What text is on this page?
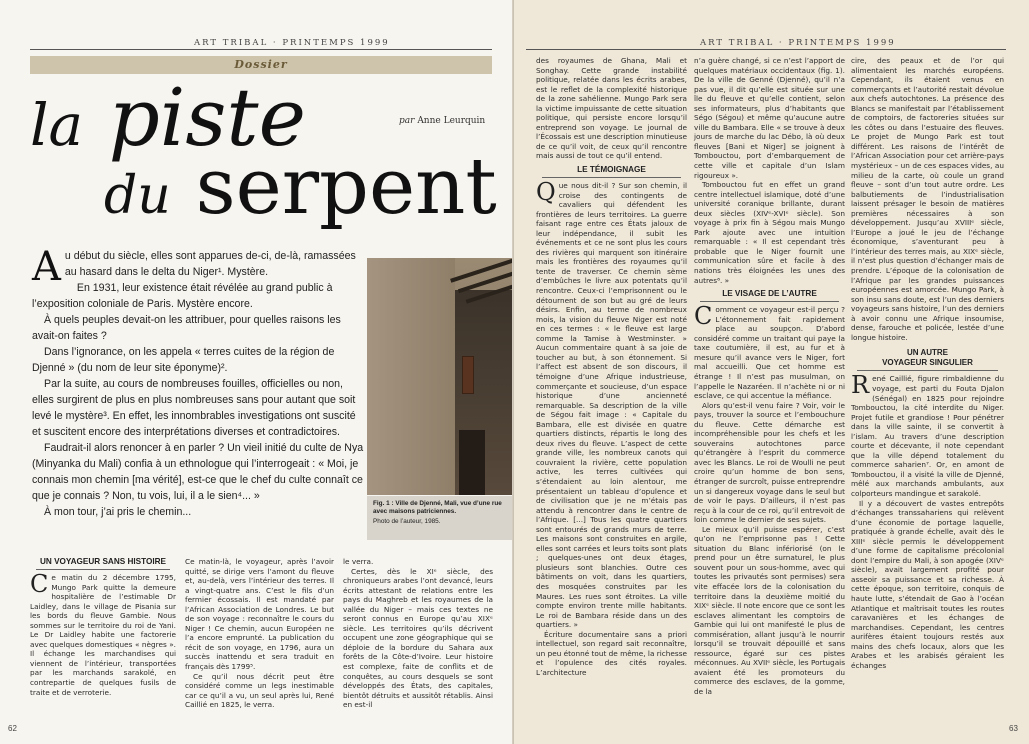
ART TRIBAL · PRINTEMPS 1999
Dossier
la piste
du serpent
par Anne Leurquin

Au début du siècle, elles sont apparues de-ci, de-là, ramassées au hasard dans le delta du Niger¹. Mystère.

En 1931, leur existence était révélée au grand public à l’exposition coloniale de Paris. Mystère encore.

À quels peuples devait-on les attribuer, pour quelles raisons les avait-on faites ?

Dans l’ignorance, on les appela « terres cuites de la région de Djenné » (du nom de leur site éponyme)².

Par la suite, au cours de nombreuses fouilles, officielles ou non, elles surgirent de plus en plus nombreuses sans pour autant que soit levé le mystère³. En effet, les innombrables investigations ont suscité et suscitent encore des interprétations diverses et contradictoires.

Faudrait-il alors renoncer à en parler ? Un vieil initié du culte de Nya (Minyanka du Mali) confia à un ethnologue qui l’interrogeait : « Moi, je connais mon chemin [ma vérité], est-ce que le chef du culte connaît ce que je connais ? Non, tu vois, lui, il a le sien⁴... »

À mon tour, j’ai pris le chemin...

Fig. 1 : Ville de Djenné, Mali, vue d’une rue avec maisons patriciennes.
Photo de l’auteur, 1985.
UN VOYAGEUR SANS HISTOIRE

Ce matin du 2 décembre 1795, Mungo Park quitte la demeure hospitalière de l’estimable Dr Laidley, dans le village de Pisania sur les bords du fleuve Gambie. Nous sommes sur le territoire du roi de Yani. Le Dr Laidley habite une factorerie avec quelques domestiques « nègres ». Il échange les marchandises qui viennent de l’intérieur, transportées par les marchands sarakolé, en contrepartie de quelques fusils de traite et de verroterie.

Ce matin-là, le voyageur, après l’avoir quitté, se dirige vers l’amont du fleuve et, au-delà, vers l’intérieur des terres. Il a vingt-quatre ans. C’est le fils d’un fermier écossais. Il est mandaté par l’African Association de Londres. Le but de son voyage : reconnaître le cours du Niger ! Ce chemin, aucun Européen ne l’a encore emprunté. La publication du récit de son voyage, en 1796, aura un succès inattendu et sera traduit en français dès 1799⁵.

Ce qu’il nous décrit peut être considéré comme un legs inestimable car ce qu’il a vu, un seul après lui, René Caillié en 1825, le verra.

le verra.

Certes, dès le XIᵉ siècle, des chroniqueurs arabes l’ont devancé, leurs écrits attestant de relations entre les pays du Maghreb et les royaumes de la vallée du Niger – mais ces textes ne seront connus en Europe qu’au XIXᵉ siècle. Les territoires qu’ils décrivent occupent une zone géographique qui se déploie de la bordure du Sahara aux forêts de la Côte-d’Ivoire. Leur histoire est complexe, faite de conflits et de conquêtes, au cours desquels se sont développés des États, des capitales, bientôt détruits et aussitôt rétablis. Ainsi en est-il

62
ART TRIBAL · PRINTEMPS 1999

des royaumes de Ghana, Mali et Songhay. Cette grande instabilité politique, relatée dans les écrits arabes, est le reflet de la complexité historique de la zone sahélienne. Mungo Park sera la victime impuissante de cette situation politique, qui persiste encore lorsqu’il entreprend son voyage. Le journal de l’Écossais est une description minutieuse de ce qu’il voit, de ceux qu’il rencontre mais aussi de tout ce qu’il entend.

LE TÉMOIGNAGE

Que nous dit-il ? Sur son chemin, il croise des contingents de cavaliers qui défendent les frontières de leurs territoires. La guerre faisant rage entre ces États jaloux de leur indépendance, il subit les événements et ce ne sont plus les cours des rivières qui marquent son itinéraire mais les frontières des royaumes qu’il tente de traverser. Ce chemin sème d’embûches le livre aux potentats qu’il rencontre. Ceux-ci l’emprisonnent ou le détournent de son but au gré de leurs désirs. Enfin, au terme de nombreux mois, la vision du fleuve Niger est noté en ces termes : « le fleuve est large comme la Tamise à Westminster. » Aucun commentaire quant à sa joie de toucher au but, à son étonnement. Si l’affect est absent de son discours, il témoigne d’une Afrique industrieuse, commerçante et soucieuse, d’un espace historique d’une ancienneté remarquable. Sa description de la ville de Ségou fait image : « Capitale du Bambara, elle est divisée en quatre quartiers distincts, répartis le long des deux rives du fleuve. L’aspect de cette grande ville, les nombreux canots qui couvraient la rivière, cette population active, les terres cultivées qui s’étendaient au loin alentour, me présentaient un tableau d’opulence et de civilisation que je ne m’étais pas attendu à rencontrer dans le centre de l’Afrique. [...] Tous les quatre quartiers sont entourés de grands murs de terre. Les maisons sont construites en argile, elles sont carrées et leurs toits sont plats ; quelques-unes ont deux étages, plusieurs sont blanchies. Outre ces bâtiments on voit, dans les quartiers, des mosquées construites par les Maures. Les rues sont étroites. La ville compte environ trente mille habitants. Le roi de Bambara réside dans un des quartiers. »

Écriture documentaire sans a priori intellectuel, son regard sait reconnaître, un peu étonné tout de même, la richesse et l’opulence des cités royales. L’architecture

n’a guère changé, si ce n’est l’apport de quelques matériaux occidentaux (fig. 1). De la ville de Genné (Djenné), qu’il n’a pas vue, il dit qu’elle est située sur une île du fleuve et qu’elle contient, selon ses informateurs, plus d’habitants que Ségo (Ségou) et même qu’aucune autre ville du Bambara. Elle « se trouve à deux jours de marche du lac Débo, là où deux fleuves [Bani et Niger] se joignent à Tombouctou, port d’embarquement de cette ville et capitale d’un Islam rigoureux ».

Tombouctou fut en effet un grand centre intellectuel islamique, doté d’une université coranique brillante, durant deux siècles (XIVᵉ-XVIᵉ siècle). Son voyage à prix fin à Ségou mais Mungo Park ajoute avec une intuition remarquable : « Il est cependant très probable que le Niger fournit une communication sûre et facile à des nations très éloignées les unes des autres⁶. »

LE VISAGE DE L’AUTRE

Comment ce voyageur est-il perçu ? L’étonnement fait rapidement place au soupçon. D’abord considéré comme un traitant qui paye la taxe coutumière, il est, au fur et à mesure qu’il avance vers le Niger, fort mal accueilli. Que cet homme est étrange ! Il n’est pas musulman, on l’appelle le Nazaréen. Il n’achète ni or ni esclave, ce qui accentue la méfiance.

Alors qu’est-il venu faire ? Voir, voir le pays, trouver la source et l’embouchure du fleuve. Cette démarche est incompréhensible pour les chefs et les souverains autochtones parce qu’étrangère à l’esprit du commerce avec les Blancs. Le roi de Woulli ne peut croire qu’un homme de bon sens, étranger de surcroît, puisse entreprendre un si dangereux voyage dans le seul but de voir le pays. D’ailleurs, il n’est pas reçu à la cour de ce roi, qu’il entrevoit de loin comme le dernier de ses sujets.

Le mieux qu’il puisse espérer, c’est qu’on ne l’emprisonne pas ! Cette situation du Blanc infériorisé (on le prend pour un être surnaturel, le plus souvent pour un sous-homme, avec qui toutes les privautés sont permises) sera vite effacée lors de la colonisation du territoire dans la deuxième moitié du XIXᵉ siècle. Il note encore que ce sont les esclaves alimentant les comptoirs de Gambie qui lui ont manifesté le plus de commisération, allant jusqu’à le nourrir lorsqu’il se trouvait dépouillé et sans ressource, égaré sur ces pistes méconnues. Au XVIIᵉ siècle, les Portugais avaient été les promoteurs du commerce des esclaves, de la gomme, de la

cire, des peaux et de l’or qui alimentaient les marchés européens. Cependant, ils étaient venus en commerçants et l’autorité restait dévolue aux chefs autochtones. La présence des Blancs se manifestait par l’établissement de comptoirs, de factoreries situées sur les côtes ou dans l’estuaire des fleuves. Le projet de Mungo Park est tout différent. Les raisons de l’intérêt de l’African Association pour cet arrière-pays mystérieux – un de ces espaces vides, au milieu de la carte, où coule un grand fleuve – sont d’un tout autre ordre. Les balbutiements de l’industrialisation laissent présager le besoin de matières premières nécessaires à son développement. Jusqu’au XVIIIᵉ siècle, l’Europe a joué le jeu de l’échange économique, s’aventurant peu à l’intérieur des terres mais, au XIXᵉ siècle, il n’est plus question d’échanger mais de prendre. L’époque de la colonisation de l’Afrique par les grandes puissances européennes est amorcée. Mungo Park, à son insu sans doute, est l’un des derniers voyageurs sans histoire, l’un des derniers à avoir connu une Afrique insoumise, dense, farouche et policée, lestée d’une longue histoire.

UN AUTRE
VOYAGEUR SINGULIER

René Caillié, figure rimbaldienne du voyage, est parti du Fouta Djalon (Sénégal) en 1825 pour rejoindre Tombouctou, la cité interdite du Niger. Projet futile et grandiose ! Pour pénétrer dans la ville sainte, il se convertit à l’islam. Au travers d’une description courte et décevante, il note cependant que la ville dépend totalement du commerce saharien⁷. Or, en amont de Tombouctou, il a visité la ville de Djenné, mêlé aux marchands ambulants, aux colporteurs mandingue et sarakolé.

Il y a découvert de vastes entrepôts d’échanges transsahariens qui relèvent d’une économie de portage laquelle, pratiquée à grande échelle, avait dès le XIIIᵉ siècle permis le développement d’une forme de capitalisme précolonial dont l’empire du Mali, à son apogée (XIVᵉ siècle), avait largement profité pour asseoir sa puissance et sa richesse. À cette époque, son territoire, conquis de haute lutte, s’étendait de Gao à l’océan Atlantique et maîtrisait toutes les routes caravanières et les échanges de marchandises. Cependant, les centres aurifères étaient toujours restés aux mains des chefs locaux, alors que les Arabes et les arabisés géraient les échanges

63
